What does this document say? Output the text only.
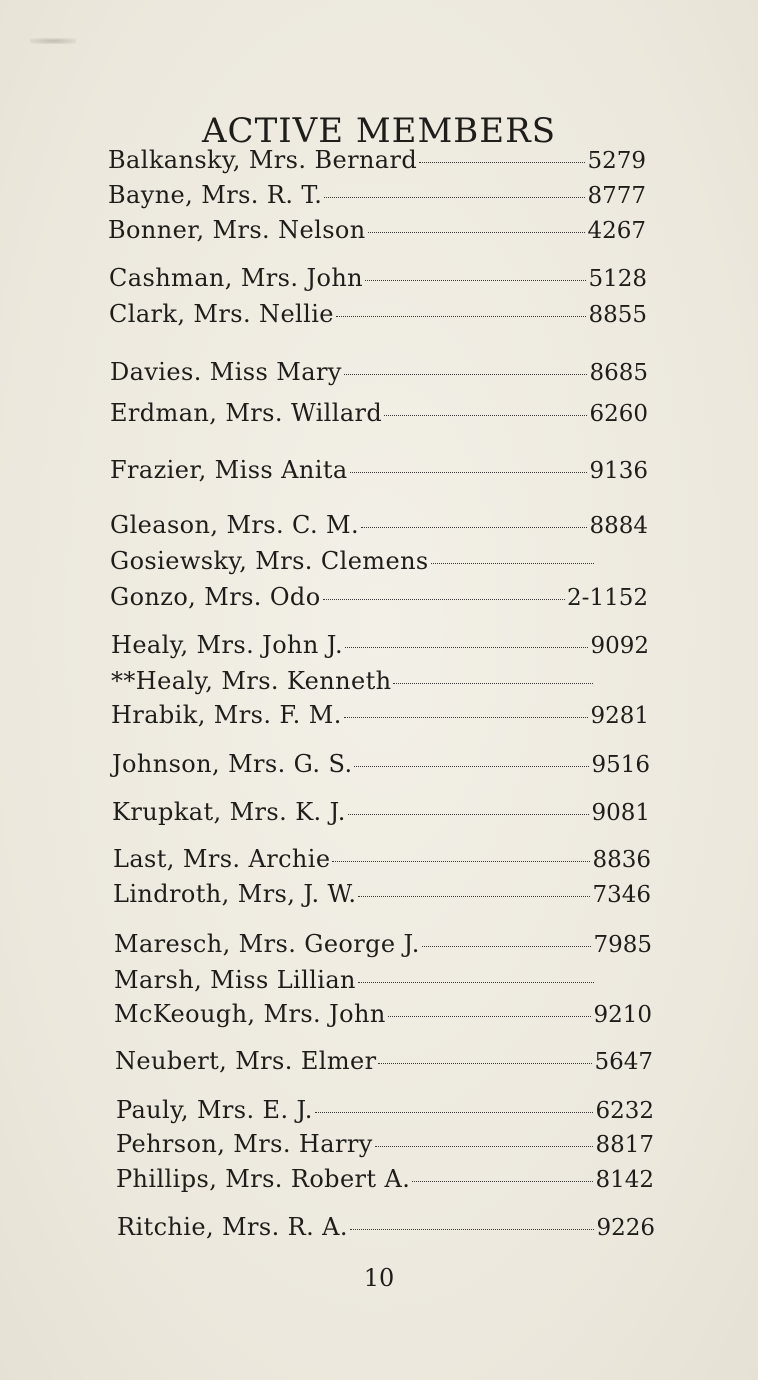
ACTIVE MEMBERS
Balkansky, Mrs. Bernard	5279
Bayne, Mrs. R. T.	8777
Bonner, Mrs. Nelson	4267
Cashman, Mrs. John	5128
Clark, Mrs. Nellie	8855
Davies. Miss Mary	8685
Erdman, Mrs. Willard	6260
Frazier, Miss Anita	9136
Gleason, Mrs. C. M.	8884
Gosiewsky, Mrs. Clemens
Gonzo, Mrs. Odo	2-1152
Healy, Mrs. John J.	9092
**Healy, Mrs. Kenneth
Hrabik, Mrs. F. M.	9281
Johnson, Mrs. G. S.	9516
Krupkat, Mrs. K. J.	9081
Last, Mrs. Archie	8836
Lindroth, Mrs, J. W.	7346
Maresch, Mrs. George J.	7985
Marsh, Miss Lillian
McKeough, Mrs. John	9210
Neubert, Mrs. Elmer	5647
Pauly, Mrs. E. J.	6232
Pehrson, Mrs. Harry	8817
Phillips, Mrs. Robert A.	8142
Ritchie, Mrs. R. A.	9226
10
